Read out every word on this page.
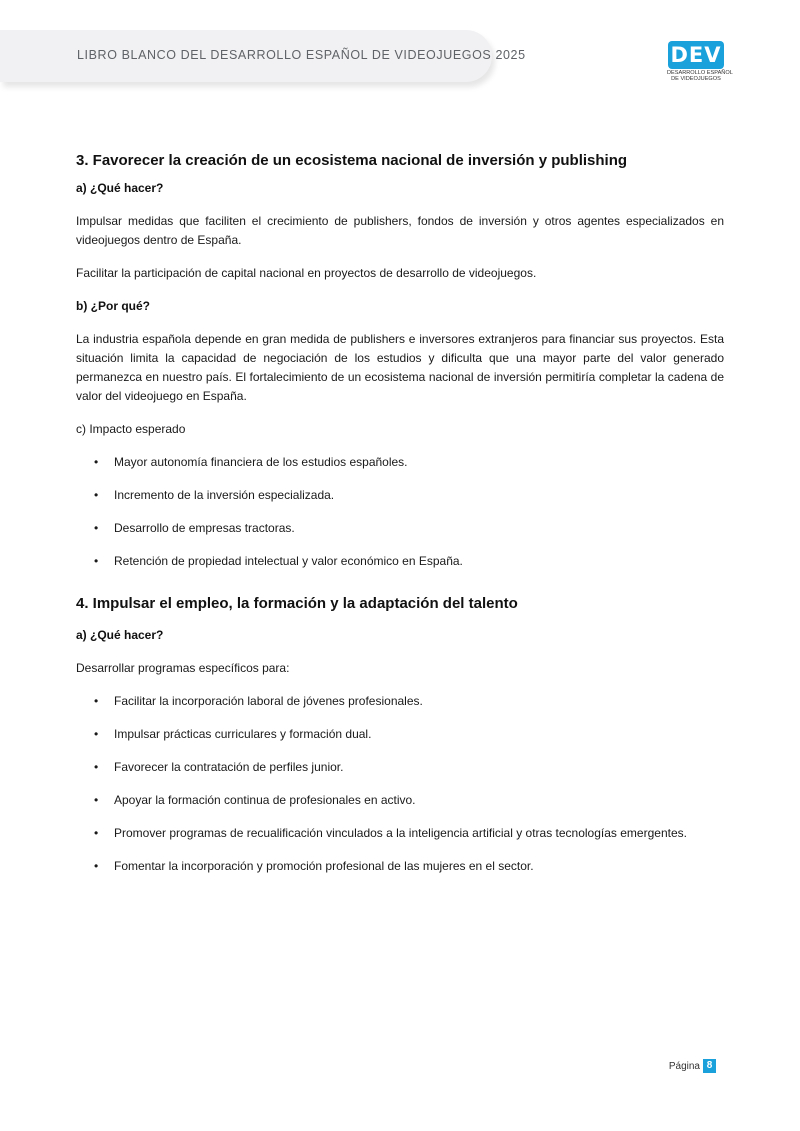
LIBRO BLANCO DEL DESARROLLO ESPAÑOL DE VIDEOJUEGOS 2025	DEV
DESARROLLO ESPAÑOL
DE VIDEOJUEGOS
3. Favorecer la creación de un ecosistema nacional de inversión y publishing
a) ¿Qué hacer?

Impulsar medidas que faciliten el crecimiento de publishers, fondos de inversión y otros agentes especializados en videojuegos dentro de España.

Facilitar la participación de capital nacional en proyectos de desarrollo de videojuegos.

b) ¿Por qué?

La industria española depende en gran medida de publishers e inversores extranjeros para financiar sus proyectos. Esta situación limita la capacidad de negociación de los estudios y dificulta que una mayor parte del valor generado permanezca en nuestro país. El fortalecimiento de un ecosistema nacional de inversión permitiría completar la cadena de valor del videojuego en España.

c) Impacto esperado

• Mayor autonomía financiera de los estudios españoles.
• Incremento de la inversión especializada.
• Desarrollo de empresas tractoras.
• Retención de propiedad intelectual y valor económico en España.
4. Impulsar el empleo, la formación y la adaptación del talento
a) ¿Qué hacer?

Desarrollar programas específicos para:

• Facilitar la incorporación laboral de jóvenes profesionales.
• Impulsar prácticas curriculares y formación dual.
• Favorecer la contratación de perfiles junior.
• Apoyar la formación continua de profesionales en activo.
• Promover programas de recualificación vinculados a la inteligencia artificial y otras tecnologías emergentes.
• Fomentar la incorporación y promoción profesional de las mujeres en el sector.
Página 8
